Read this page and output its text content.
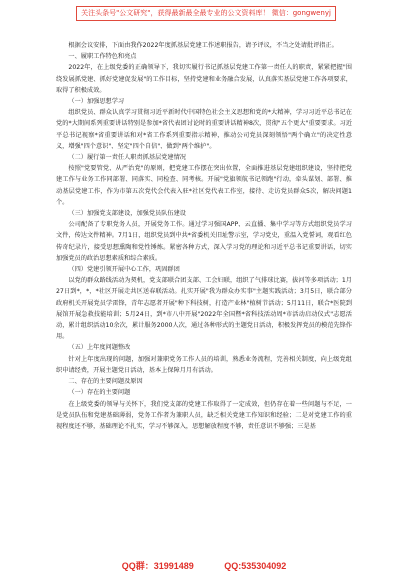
关注头条号"公文研究"，获得最新最全最专业的公文资料库！ 微信：gongwenyj

根据会议安排，下面由我作2022年度抓基层党建工作述职报告，请予评议，不当之处请批评指正。

一、履职工作特色和亮点

2022年，在上级党委的正确领导下，我切实履行书记抓基层党建工作第一责任人的职责，紧紧把握"围绕发展抓党建、抓好党建促发展"的工作目标，坚持党建和业务融合发展，认真落实基层党建工作各项要求，取得了积极成效。

（一）加强思想学习

组织党员、群众认真学习贯彻习近平新时代中国特色社会主义思想和党的*大精神，学习习近平总书记在党的*大期间系列重要讲话特别是参加*省代表团讨论时的重要讲话精神8次，贯彻"五个更大"重要要求。习近平总书记视察*省重要讲话和对*省工作系列重要指示精神，推动公司党员深刻领悟"两个确立"的决定性意义，增强"四个意识"、坚定"四个自信"、做到"两个维护"。

（二）履行第一责任人职责抓基层党建情况

按照"党要管党、从严治党"的原则，把党建工作摆在突出位置，全面推进基层党建组织建设，坚持把党建工作与业务工作同部署、同落实、同检查、同考核。开展"党旗领航书记领跑"行动，牵头谋划、部署、推动基层党建工作，作为市第五次党代会代表入驻*社区党代表工作室，接待、走访党员群众5次，解决问题1个。

（三）加强党支部建设，加强党员队伍建设

公司配备了专职党务人员，开展党务工作。通过学习强国APP、云直播、集中学习等方式组织党员学习文件，传达文件精神。7月1日，组织党员到中共*省委机关旧址警示室，学习党史，重温入党誓词，观看红色传奇纪录片，接受思想熏陶和党性锤炼。紧密各种方式，深入学习党的理论和习近平总书记重要讲话，切实加强党员的政治思想素质和综合素质。

（四）党建引领开展中心工作，巩固群团

以党的群众路线活动为契机，党支部联合团支部、工会妇联，组织了气排球比赛，拔河等多项活动；1月27日到*，*，*社区开展走共区送春联活动。扎实开展"我为群众办实事"主题实践活动；3月5日，联合部分政府机关开展党员学雷锋，青年志愿者开展"种下科技树，打造产业林"植树节活动；5月11日，联合*医院到展馆开展急救技能培训；5月24日，到*市八中开展"2022年全国暨*省科技活动周*市活动启动仪式"志愿活动，累计组织活动10余次，累计服务2000人次，通过各种形式的主题党日活动，积极发挥党员的模范先锋作用。

（五）上年度问题整改

针对上年度出现的问题，加强对兼职党务工作人员的培训，熟悉业务流程，完善相关制度，向上级党组织申请经费，开展主题党日活动，基本上保障月月有活动。

二、存在的主要问题及原因

（一）存在的主要问题

在上级党委的领导与关怀下，我们党支部的党建工作取得了一定成效，但仍存在着一些问题与不足，一是党员队伍和党建基础薄弱，党务工作者为兼职人员，缺乏相关党建工作知识和经验；二是对党建工作的重视程度还不够，基础理论不扎实，学习不够深入，思想解放程度不够，责任意识不够强；三是基

QQ群：31991489	QQ:535304092
